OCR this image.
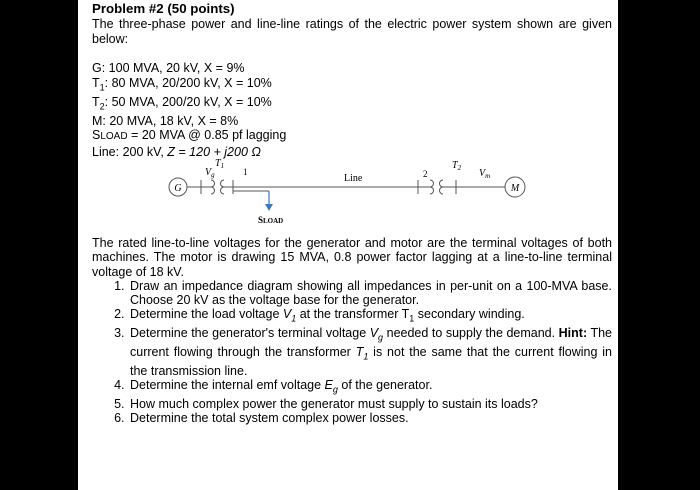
Problem #2 (50 points)
The three-phase power and line-line ratings of the electric power system shown are given below:
G: 100 MVA, 20 kV, X = 9%
$T_1$: 80 MVA, 20/200 kV, X = 10%
$T_2$: 50 MVA, 200/20 kV, X = 10%
M: 20 MVA, 18 kV, X = 8%
SLOAD = 20 MVA @ 0.85 pf lagging
Line: 200 kV, Z = 120 + j200 Ω
G
$V_g$
$T_1$
1
SLOAD
Line	2
$T_2$ $V_m$
M
The rated line-to-line voltages for the generator and motor are the terminal voltages of both machines. The motor is drawing 15 MVA, 0.8 power factor lagging at a line-to-line terminal voltage of 18 kV.
1. Draw an impedance diagram showing all impedances in per-unit on a 100-MVA base. Choose 20 kV as the voltage base for the generator.
2. Determine the load voltage $V_1$ at the transformer $T_1$ secondary winding.
3. Determine the generator's terminal voltage $V_g$ needed to supply the demand. Hint: The current flowing through the transformer $T_1$ is not the same that the current flowing in the transmission line.
4. Determine the internal emf voltage $E_g$ of the generator.
5. How much complex power the generator must supply to sustain its loads?
6. Determine the total system complex power losses.
